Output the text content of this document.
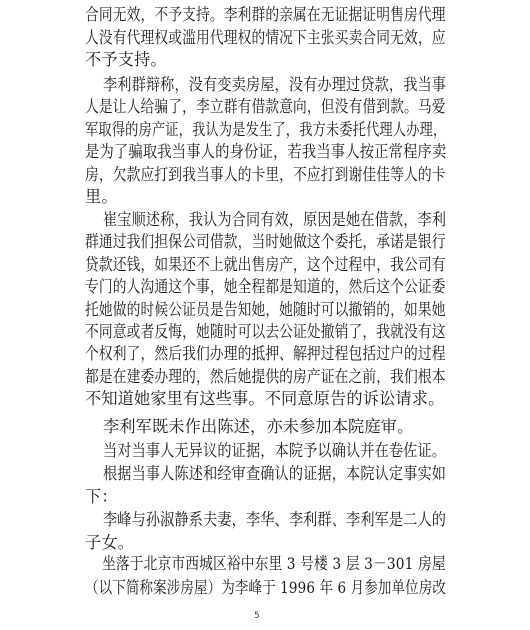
合同无效，不予支持。李利群的亲属在无证据证明售房代理
人没有代理权或滥用代理权的情况下主张买卖合同无效，应
不予支持。
李利群辩称，没有变卖房屋，没有办理过贷款，我当事
人是让人给骗了，李立群有借款意向，但没有借到款。马爱
军取得的房产证，我认为是发生了，我方未委托代理人办理，
是为了骗取我当事人的身份证，若我当事人按正常程序卖
房，欠款应打到我当事人的卡里，不应打到谢佳佳等人的卡
里。
崔宝顺述称，我认为合同有效，原因是她在借款，李利
群通过我们担保公司借款，当时她做这个委托，承诺是银行
贷款还钱，如果还不上就出售房产，这个过程中，我公司有
专门的人沟通这个事，她全程都是知道的，然后这个公证委
托她做的时候公证员是告知她，她随时可以撤销的，如果她
不同意或者反悔，她随时可以去公证处撤销了，我就没有这
个权利了，然后我们办理的抵押、解押过程包括过户的过程
都是在建委办理的，然后她提供的房产证在之前，我们根本
不知道她家里有这些事。不同意原告的诉讼请求。
李利军既未作出陈述，亦未参加本院庭审。
当对当事人无异议的证据，本院予以确认并在卷佐证。
根据当事人陈述和经审查确认的证据，本院认定事实如
下：
李峰与孙淑静系夫妻，李华、李利群、李利军是二人的
子女。
坐落于北京市西城区裕中东里 3 号楼 3 层 3－301 房屋
（以下简称案涉房屋）为李峰于 1996 年 6 月参加单位房改
5
